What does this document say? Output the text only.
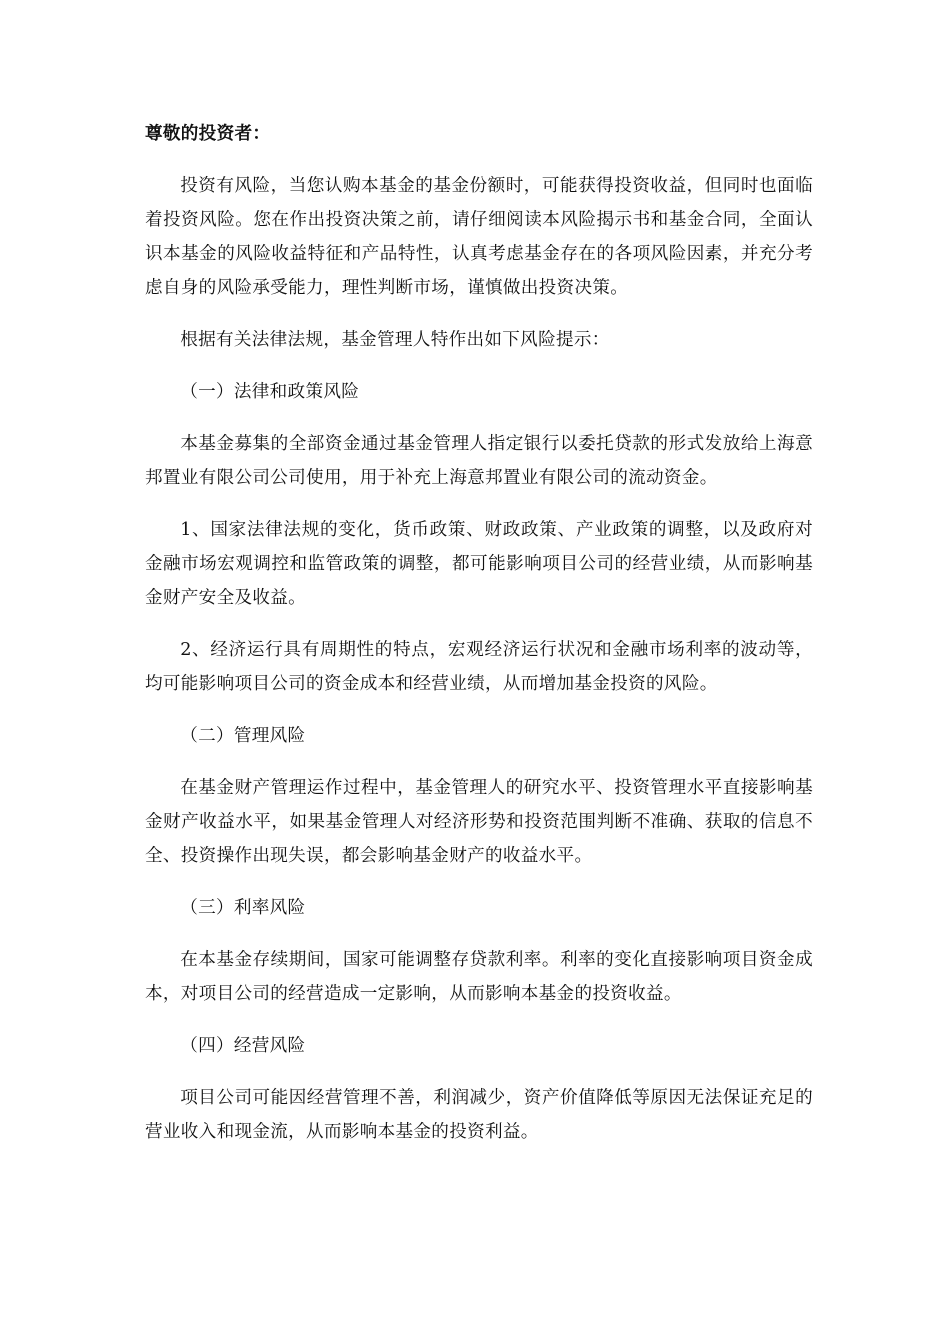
尊敬的投资者：

投资有风险，当您认购本基金的基金份额时，可能获得投资收益，但同时也面临着投资风险。您在作出投资决策之前，请仔细阅读本风险揭示书和基金合同，全面认识本基金的风险收益特征和产品特性，认真考虑基金存在的各项风险因素，并充分考虑自身的风险承受能力，理性判断市场，谨慎做出投资决策。

根据有关法律法规，基金管理人特作出如下风险提示：

（一）法律和政策风险

本基金募集的全部资金通过基金管理人指定银行以委托贷款的形式发放给上海意邦置业有限公司公司使用，用于补充上海意邦置业有限公司的流动资金。

1、国家法律法规的变化，货币政策、财政政策、产业政策的调整，以及政府对金融市场宏观调控和监管政策的调整，都可能影响项目公司的经营业绩，从而影响基金财产安全及收益。

2、经济运行具有周期性的特点，宏观经济运行状况和金融市场利率的波动等，均可能影响项目公司的资金成本和经营业绩，从而增加基金投资的风险。

（二）管理风险

在基金财产管理运作过程中，基金管理人的研究水平、投资管理水平直接影响基金财产收益水平，如果基金管理人对经济形势和投资范围判断不准确、获取的信息不全、投资操作出现失误，都会影响基金财产的收益水平。

（三）利率风险

在本基金存续期间，国家可能调整存贷款利率。利率的变化直接影响项目资金成本，对项目公司的经营造成一定影响，从而影响本基金的投资收益。

（四）经营风险

项目公司可能因经营管理不善，利润减少，资产价值降低等原因无法保证充足的营业收入和现金流，从而影响本基金的投资利益。
